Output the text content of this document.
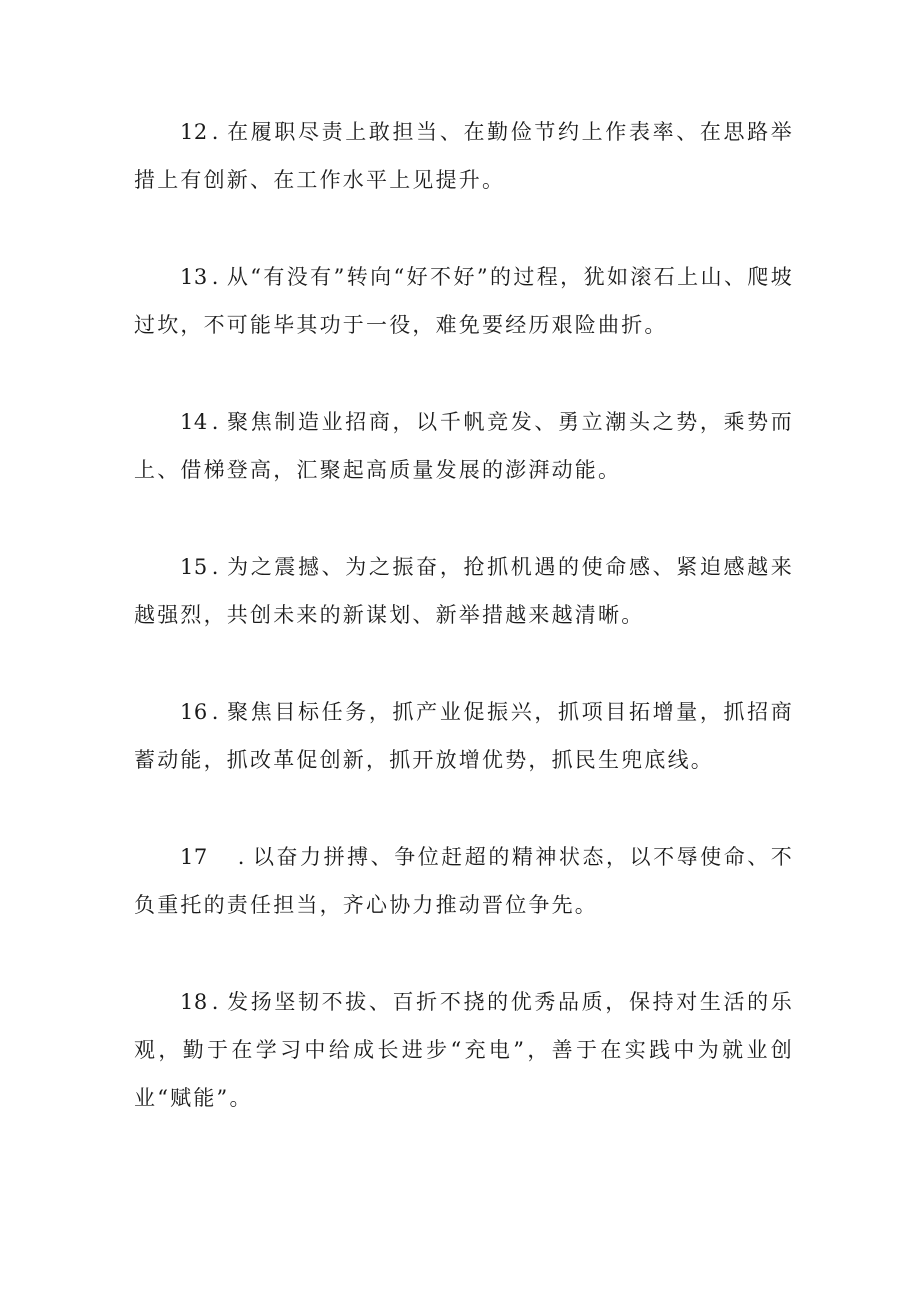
12 . 在履职尽责上敢担当、在勤俭节约上作表率、在思路举措上有创新、在工作水平上见提升。

13 . 从“有没有”转向“好不好”的过程，犹如滚石上山、爬坡过坎，不可能毕其功于一役，难免要经历艰险曲折。

14 . 聚焦制造业招商，以千帆竞发、勇立潮头之势，乘势而上、借梯登高，汇聚起高质量发展的澎湃动能。

15 . 为之震撼、为之振奋，抢抓机遇的使命感、紧迫感越来越强烈，共创未来的新谋划、新举措越来越清晰。

16 . 聚焦目标任务，抓产业促振兴，抓项目拓增量，抓招商蓄动能，抓改革促创新，抓开放增优势，抓民生兜底线。

17 . 以奋力拼搏、争位赶超的精神状态，以不辱使命、不负重托的责任担当，齐心协力推动晋位争先。

18 . 发扬坚韧不拔、百折不挠的优秀品质，保持对生活的乐观，勤于在学习中给成长进步“充电”，善于在实践中为就业创业“赋能”。
